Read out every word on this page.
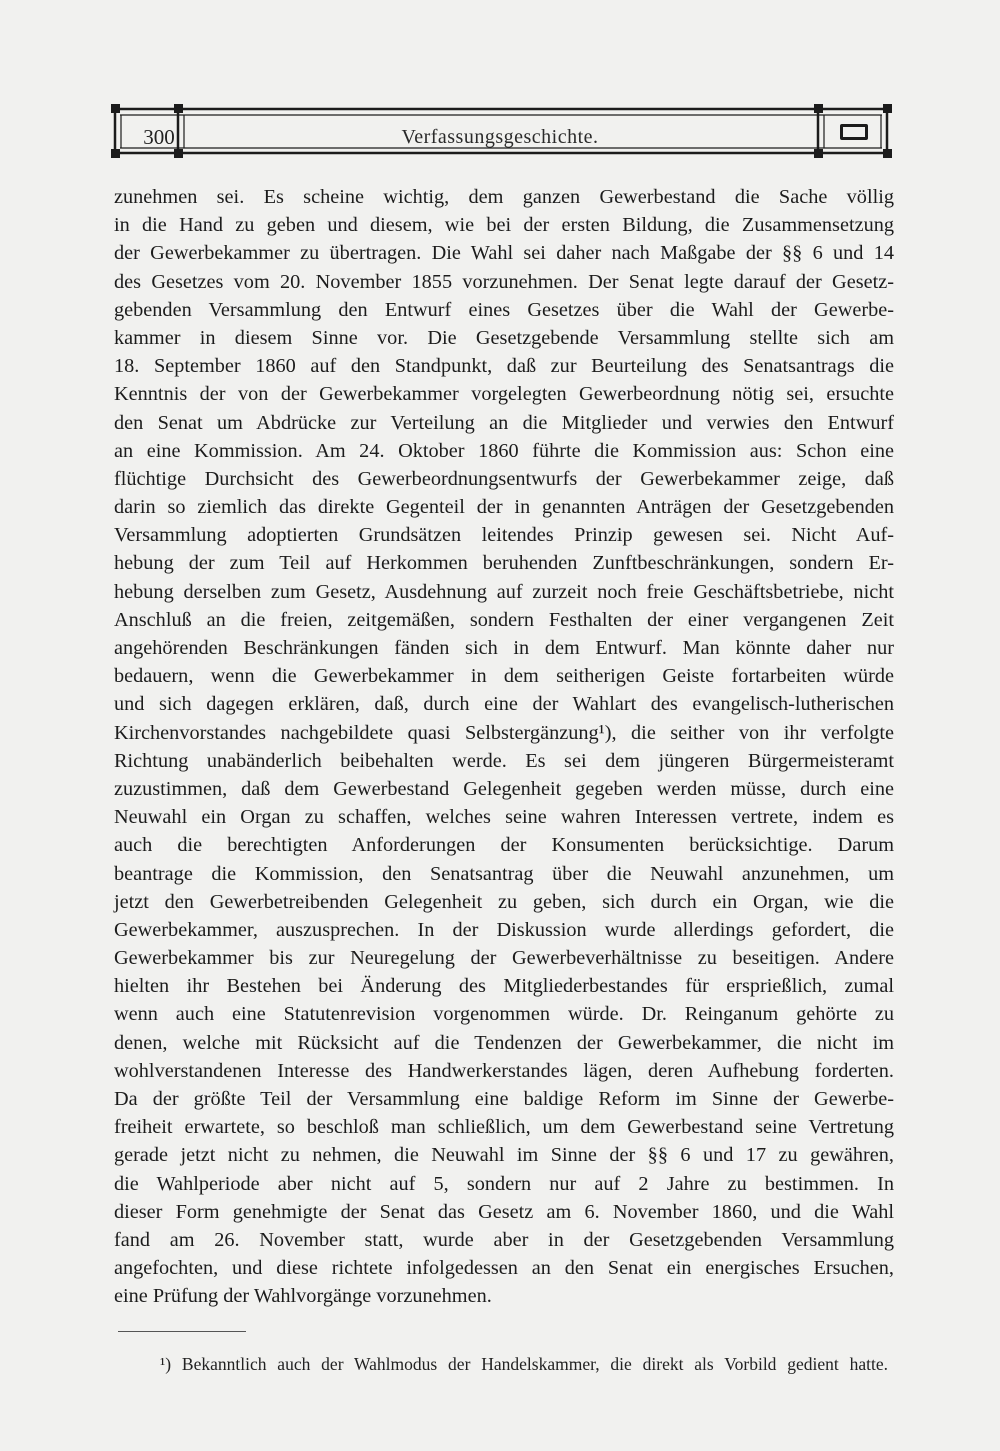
300	Verfassungsgeschichte.
zunehmen sei. Es scheine wichtig, dem ganzen Gewerbestand die Sache völlig
in die Hand zu geben und diesem, wie bei der ersten Bildung, die Zusammensetzung
der Gewerbekammer zu übertragen. Die Wahl sei daher nach Maßgabe der §§ 6 und 14
des Gesetzes vom 20. November 1855 vorzunehmen. Der Senat legte darauf der Gesetz-
gebenden Versammlung den Entwurf eines Gesetzes über die Wahl der Gewerbe-
kammer in diesem Sinne vor. Die Gesetzgebende Versammlung stellte sich am
18. September 1860 auf den Standpunkt, daß zur Beurteilung des Senatsantrags die
Kenntnis der von der Gewerbekammer vorgelegten Gewerbeordnung nötig sei, ersuchte
den Senat um Abdrücke zur Verteilung an die Mitglieder und verwies den Entwurf
an eine Kommission. Am 24. Oktober 1860 führte die Kommission aus: Schon eine
flüchtige Durchsicht des Gewerbeordnungsentwurfs der Gewerbekammer zeige, daß
darin so ziemlich das direkte Gegenteil der in genannten Anträgen der Gesetzgebenden
Versammlung adoptierten Grundsätzen leitendes Prinzip gewesen sei. Nicht Auf-
hebung der zum Teil auf Herkommen beruhenden Zunftbeschränkungen, sondern Er-
hebung derselben zum Gesetz, Ausdehnung auf zurzeit noch freie Geschäftsbetriebe, nicht
Anschluß an die freien, zeitgemäßen, sondern Festhalten der einer vergangenen Zeit
angehörenden Beschränkungen fänden sich in dem Entwurf. Man könnte daher nur
bedauern, wenn die Gewerbekammer in dem seitherigen Geiste fortarbeiten würde
und sich dagegen erklären, daß, durch eine der Wahlart des evangelisch-lutherischen
Kirchenvorstandes nachgebildete quasi Selbstergänzung¹), die seither von ihr verfolgte
Richtung unabänderlich beibehalten werde. Es sei dem jüngeren Bürgermeisteramt
zuzustimmen, daß dem Gewerbestand Gelegenheit gegeben werden müsse, durch eine
Neuwahl ein Organ zu schaffen, welches seine wahren Interessen vertrete, indem es
auch die berechtigten Anforderungen der Konsumenten berücksichtige. Darum
beantrage die Kommission, den Senatsantrag über die Neuwahl anzunehmen, um
jetzt den Gewerbetreibenden Gelegenheit zu geben, sich durch ein Organ, wie die
Gewerbekammer, auszusprechen. In der Diskussion wurde allerdings gefordert, die
Gewerbekammer bis zur Neuregelung der Gewerbeverhältnisse zu beseitigen. Andere
hielten ihr Bestehen bei Änderung des Mitgliederbestandes für ersprießlich, zumal
wenn auch eine Statutenrevision vorgenommen würde. Dr. Reinganum gehörte zu
denen, welche mit Rücksicht auf die Tendenzen der Gewerbekammer, die nicht im
wohlverstandenen Interesse des Handwerkerstandes lägen, deren Aufhebung forderten.
Da der größte Teil der Versammlung eine baldige Reform im Sinne der Gewerbe-
freiheit erwartete, so beschloß man schließlich, um dem Gewerbestand seine Vertretung
gerade jetzt nicht zu nehmen, die Neuwahl im Sinne der §§ 6 und 17 zu gewähren,
die Wahlperiode aber nicht auf 5, sondern nur auf 2 Jahre zu bestimmen. In
dieser Form genehmigte der Senat das Gesetz am 6. November 1860, und die Wahl
fand am 26. November statt, wurde aber in der Gesetzgebenden Versammlung
angefochten, und diese richtete infolgedessen an den Senat ein energisches Ersuchen,
eine Prüfung der Wahlvorgänge vorzunehmen.
¹) Bekanntlich auch der Wahlmodus der Handelskammer, die direkt als Vorbild gedient hatte.
